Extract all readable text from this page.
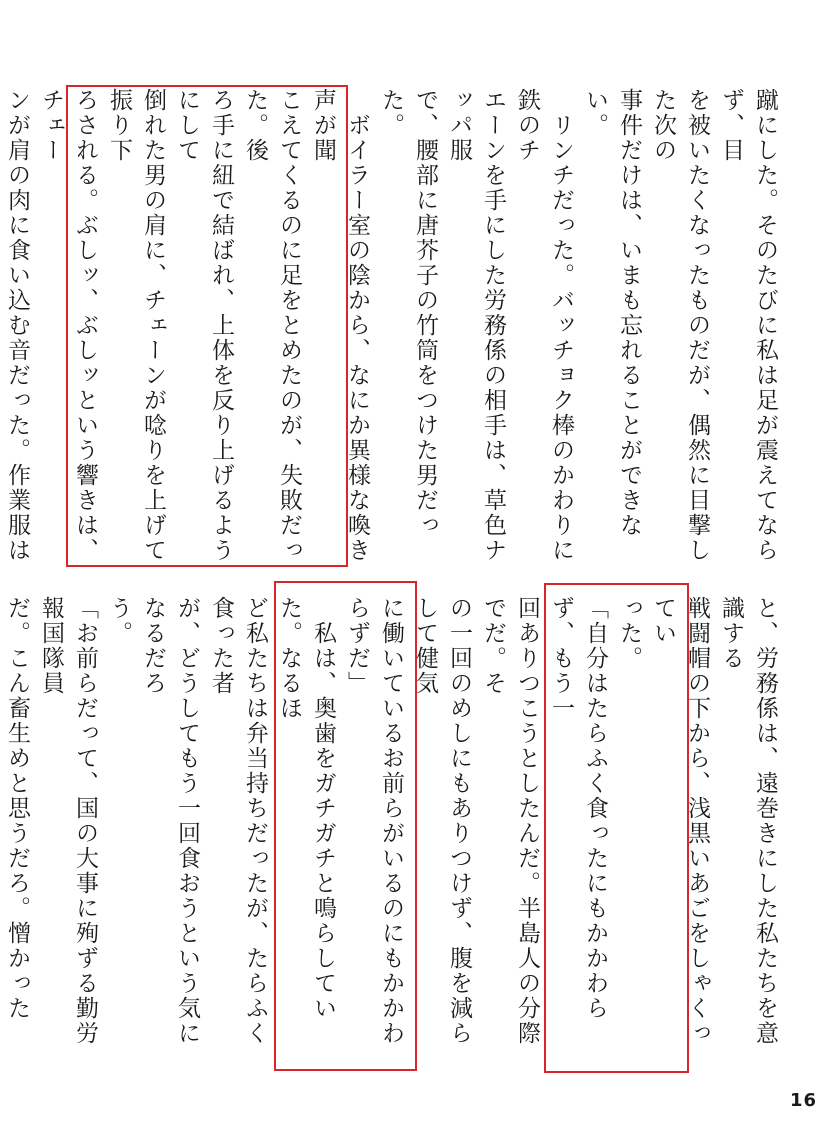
蹴にした。そのたびに私は足が震えてならず、目
を被いたくなったものだが、偶然に目撃した次の
事件だけは、いまも忘れることができない。
　リンチだった。バッチョク棒のかわりに鉄のチ
エーンを手にした労務係の相手は、草色ナッパ服
で、腰部に唐芥子の竹筒をつけた男だった。
　ボイラー室の陰から、なにか異様な喚き声が聞
こえてくるのに足をとめたのが、失敗だった。後
ろ手に紐で結ばれ、上体を反り上げるようにして
倒れた男の肩に、チェーンが唸りを上げて振り下
ろされる。ぶしッ、ぶしッという響きは、チェー
ンが肩の肉に食い込む音だった。作業服は

と、労務係は、遠巻きにした私たちを意識する
戦闘帽の下から、浅黒いあごをしゃくってい
った。
「自分はたらふく食ったにもかかわらず、もう一
回ありつこうとしたんだ。半島人の分際でだ。そ
の一回のめしにもありつけず、腹を減らして健気
に働いているお前らがいるのにもかかわらずだ」
　私は、奥歯をガチガチと鳴らしていた。なるほ
ど私たちは弁当持ちだったが、たらふく食った者
が、どうしてもう一回食おうという気になるだろ
う。
「お前らだって、国の大事に殉ずる勤労報国隊員
だ。こん畜生めと思うだろ。憎かった

16
